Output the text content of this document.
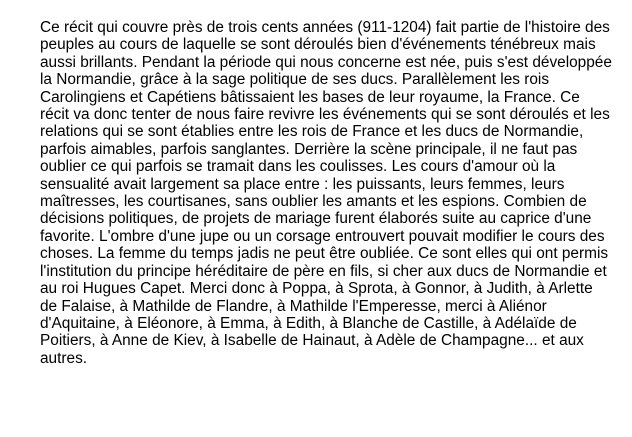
Ce récit qui couvre près de trois cents années (911-1204) fait partie de l'histoire des
peuples au cours de laquelle se sont déroulés bien d'événements ténébreux mais
aussi brillants. Pendant la période qui nous concerne est née, puis s'est développée
la Normandie, grâce à la sage politique de ses ducs. Parallèlement les rois
Carolingiens et Capétiens bâtissaient les bases de leur royaume, la France. Ce
récit va donc tenter de nous faire revivre les événements qui se sont déroulés et les
relations qui se sont établies entre les rois de France et les ducs de Normandie,
parfois aimables, parfois sanglantes. Derrière la scène principale, il ne faut pas
oublier ce qui parfois se tramait dans les coulisses. Les cours d'amour où la
sensualité avait largement sa place entre : les puissants, leurs femmes, leurs
maîtresses, les courtisanes, sans oublier les amants et les espions. Combien de
décisions politiques, de projets de mariage furent élaborés suite au caprice d'une
favorite. L'ombre d'une jupe ou un corsage entrouvert pouvait modifier le cours des
choses. La femme du temps jadis ne peut être oubliée. Ce sont elles qui ont permis
l'institution du principe héréditaire de père en fils, si cher aux ducs de Normandie et
au roi Hugues Capet. Merci donc à Poppa, à Sprota, à Gonnor, à Judith, à Arlette
de Falaise, à Mathilde de Flandre, à Mathilde l'Emperesse, merci à Aliénor
d'Aquitaine, à Eléonore, à Emma, à Edith, à Blanche de Castille, à Adélaïde de
Poitiers, à Anne de Kiev, à Isabelle de Hainaut, à Adèle de Champagne... et aux
autres.
